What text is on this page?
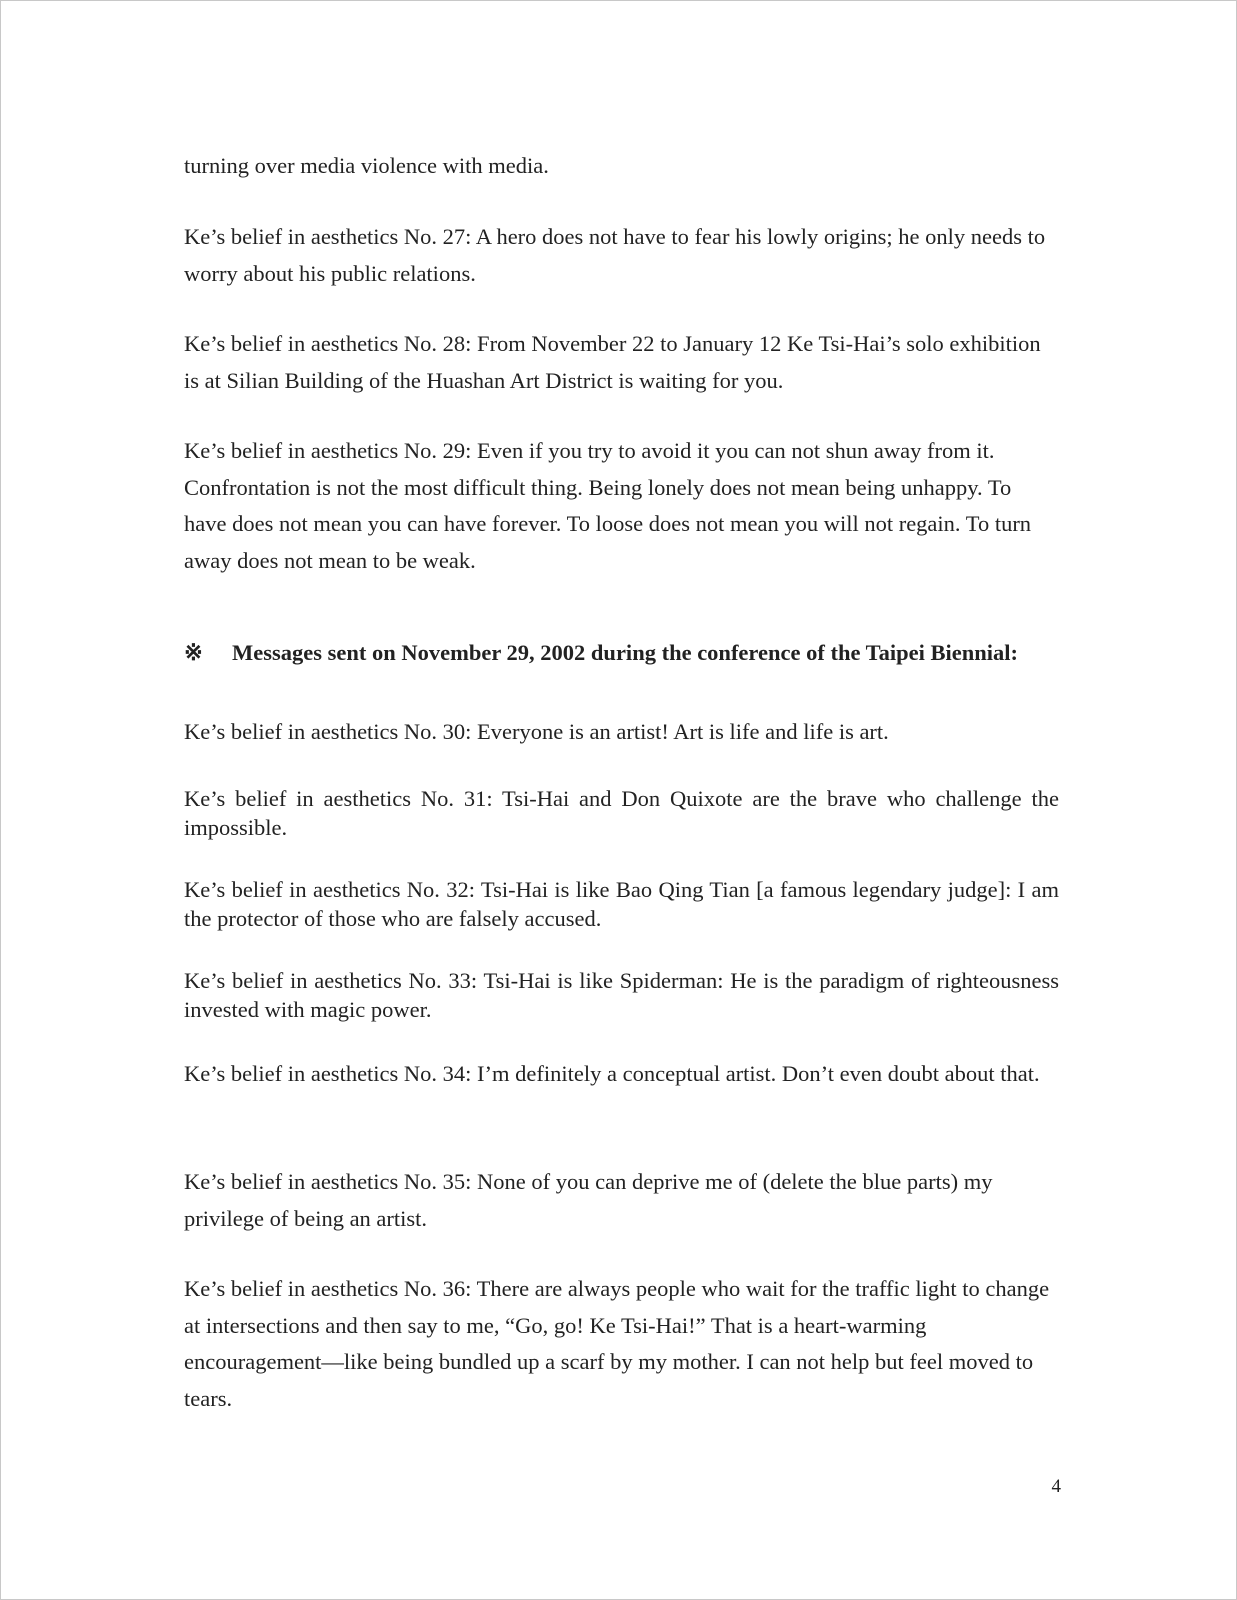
turning over media violence with media.

Ke’s belief in aesthetics No. 27: A hero does not have to fear his lowly origins; he only needs to worry about his public relations.

Ke’s belief in aesthetics No. 28: From November 22 to January 12 Ke Tsi-Hai’s solo exhibition is at Silian Building of the Huashan Art District is waiting for you.

Ke’s belief in aesthetics No. 29: Even if you try to avoid it you can not shun away from it. Confrontation is not the most difficult thing. Being lonely does not mean being unhappy. To have does not mean you can have forever. To loose does not mean you will not regain. To turn away does not mean to be weak.

※ Messages sent on November 29, 2002 during the conference of the Taipei Biennial:

Ke’s belief in aesthetics No. 30: Everyone is an artist! Art is life and life is art.

Ke’s belief in aesthetics No. 31: Tsi-Hai and Don Quixote are the brave who challenge the impossible.

Ke’s belief in aesthetics No. 32: Tsi-Hai is like Bao Qing Tian [a famous legendary judge]: I am the protector of those who are falsely accused.

Ke’s belief in aesthetics No. 33: Tsi-Hai is like Spiderman: He is the paradigm of righteousness invested with magic power.

Ke’s belief in aesthetics No. 34: I’m definitely a conceptual artist. Don’t even doubt about that.

Ke’s belief in aesthetics No. 35: None of you can deprive me of (delete the blue parts) my privilege of being an artist.

Ke’s belief in aesthetics No. 36: There are always people who wait for the traffic light to change at intersections and then say to me, “Go, go! Ke Tsi-Hai!” That is a heart-warming encouragement—like being bundled up a scarf by my mother. I can not help but feel moved to tears.

4
